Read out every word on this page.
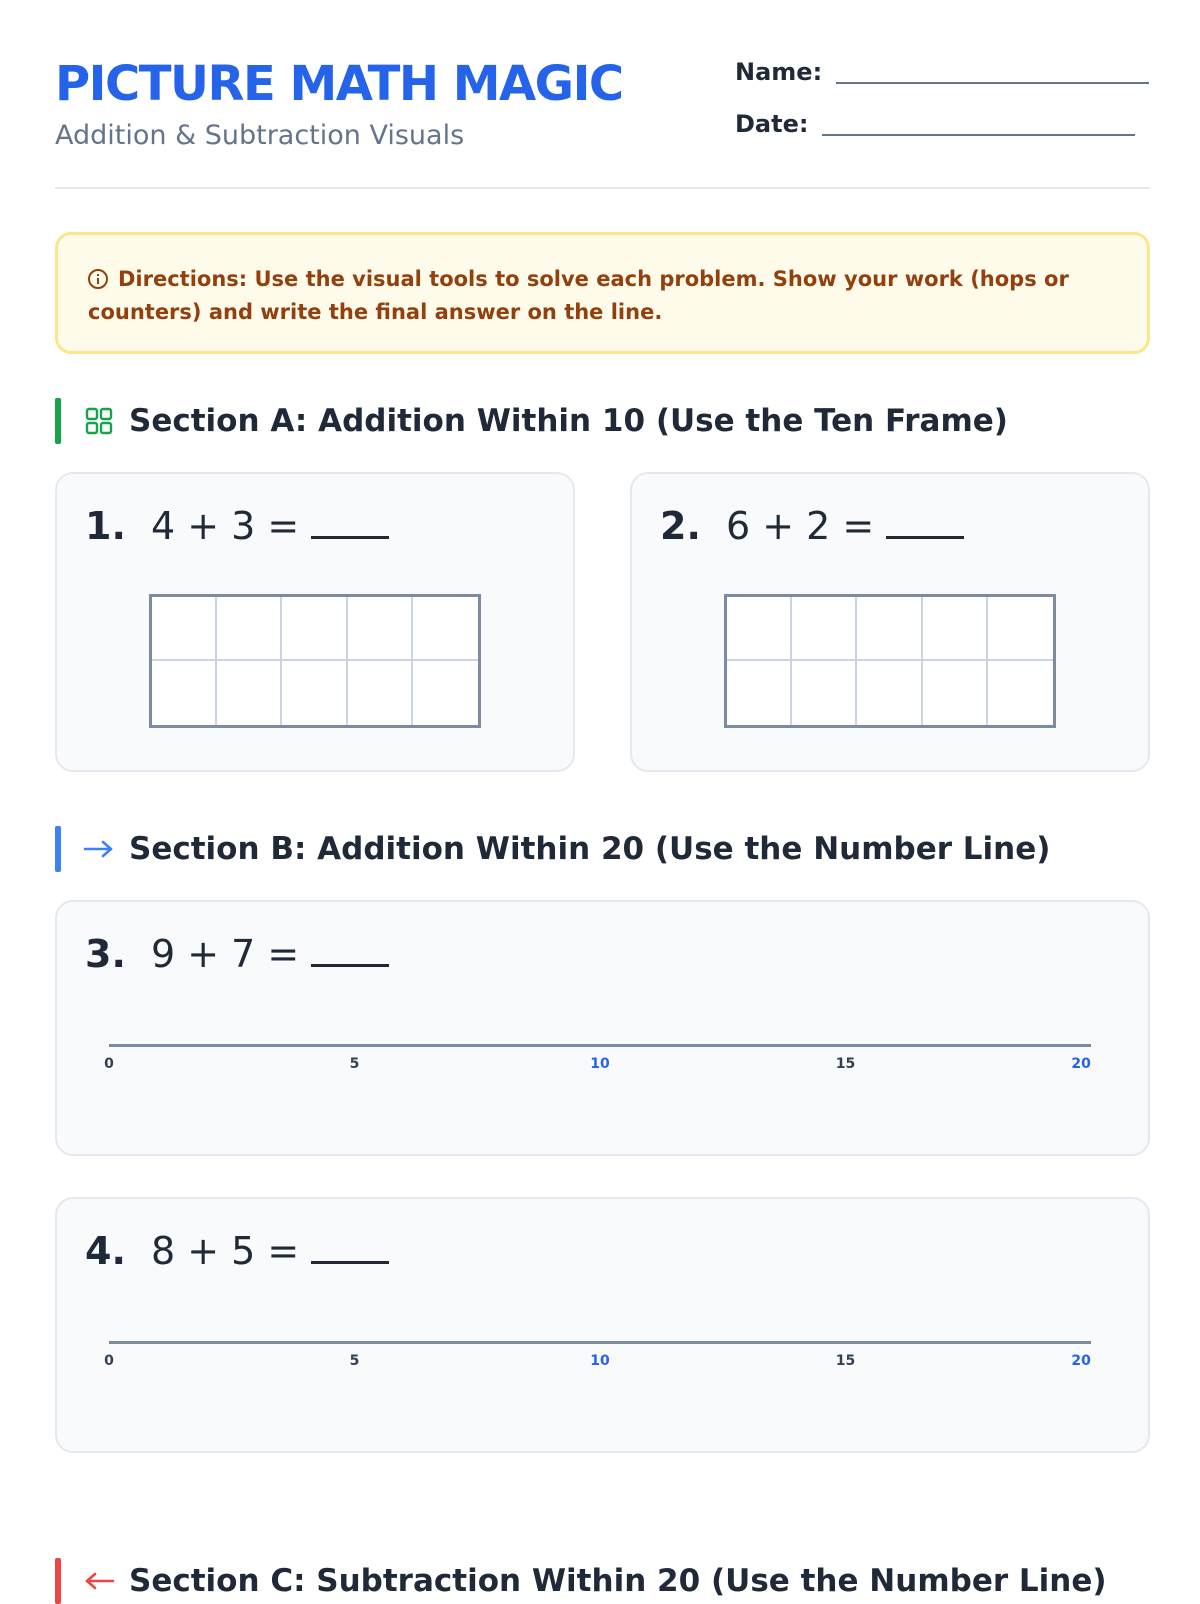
PICTURE MATH MAGIC
Addition & Subtraction Visuals
Name:
Date:
Directions: Use the visual tools to solve each problem. Show your work (hops or counters) and write the final answer on the line.
Section A: Addition Within 10 (Use the Ten Frame)
1. 4 + 3 =	2. 6 + 2 =
Section B: Addition Within 20 (Use the Number Line)
3. 9 + 7 =
0	5	10	15	20
4. 8 + 5 =
0	5	10	15	20
Section C: Subtraction Within 20 (Use the Number Line)
